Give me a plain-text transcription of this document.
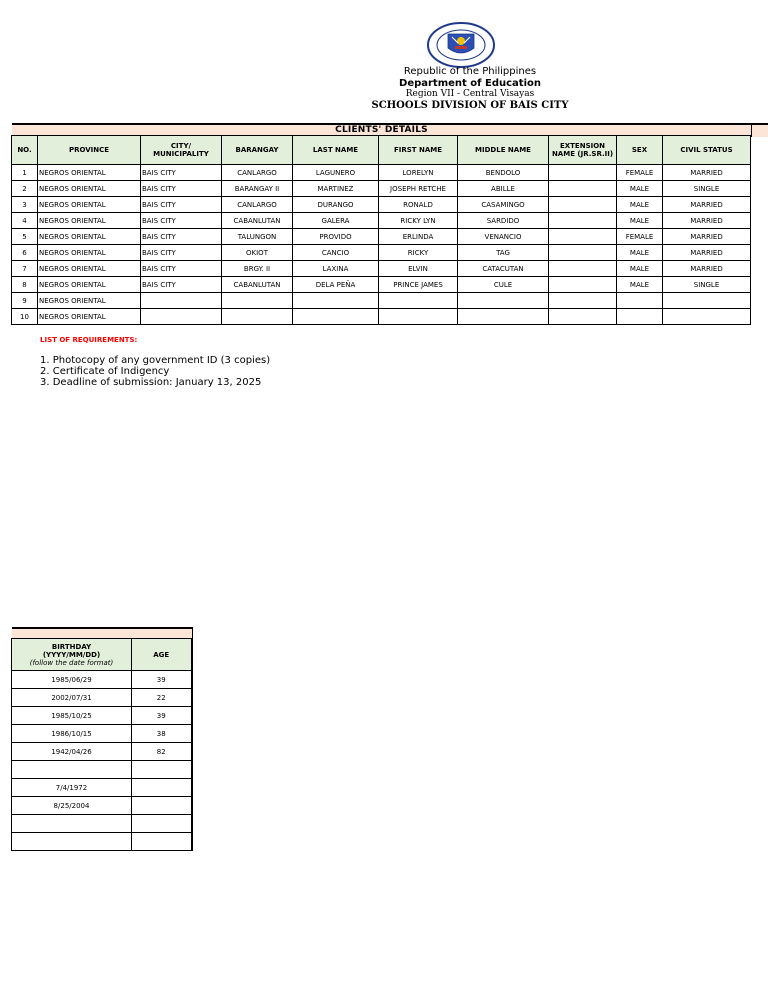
Republic of the Philippines
Department of Education
Region VII - Central Visayas
SCHOOLS DIVISION OF BAIS CITY
CLIENTS' DETAILS
NO.	PROVINCE	CITY/ MUNICIPALITY	BARANGAY	LAST NAME	FIRST NAME	MIDDLE NAME	EXTENSION NAME (JR.SR.II)	SEX	CIVIL STATUS
1	NEGROS ORIENTAL	BAIS CITY	CANLARGO	LAGUNERO	LORELYN	BENDOLO		FEMALE	MARRIED
2	NEGROS ORIENTAL	BAIS CITY	BARANGAY II	MARTINEZ	JOSEPH RETCHE	ABILLE		MALE	SINGLE
3	NEGROS ORIENTAL	BAIS CITY	CANLARGO	DURANGO	RONALD	CASAMINGO		MALE	MARRIED
4	NEGROS ORIENTAL	BAIS CITY	CABANLUTAN	GALERA	RICKY LYN	SARDIDO		MALE	MARRIED
5	NEGROS ORIENTAL	BAIS CITY	TALUNGON	PROVIDO	ERLINDA	VENANCIO		FEMALE	MARRIED
6	NEGROS ORIENTAL	BAIS CITY	OKIOT	CANCIO	RICKY	TAG		MALE	MARRIED
7	NEGROS ORIENTAL	BAIS CITY	BRGY. II	LAXINA	ELVIN	CATACUTAN		MALE	MARRIED
8	NEGROS ORIENTAL	BAIS CITY	CABANLUTAN	DELA PEÑA	PRINCE JAMES	CULE		MALE	SINGLE
9	NEGROS ORIENTAL								
10	NEGROS ORIENTAL								
LIST OF REQUIREMENTS:
1. Photocopy of any government ID (3 copies)
2. Certificate of Indigency
3. Deadline of submission: January 13, 2025
BIRTHDAY
(YYYY/MM/DD)
(follow the date format)	AGE
1985/06/29	39
2002/07/31	22
1985/10/25	39
1986/10/15	38
1942/04/26	82

7/4/1972	
8/25/2004	
